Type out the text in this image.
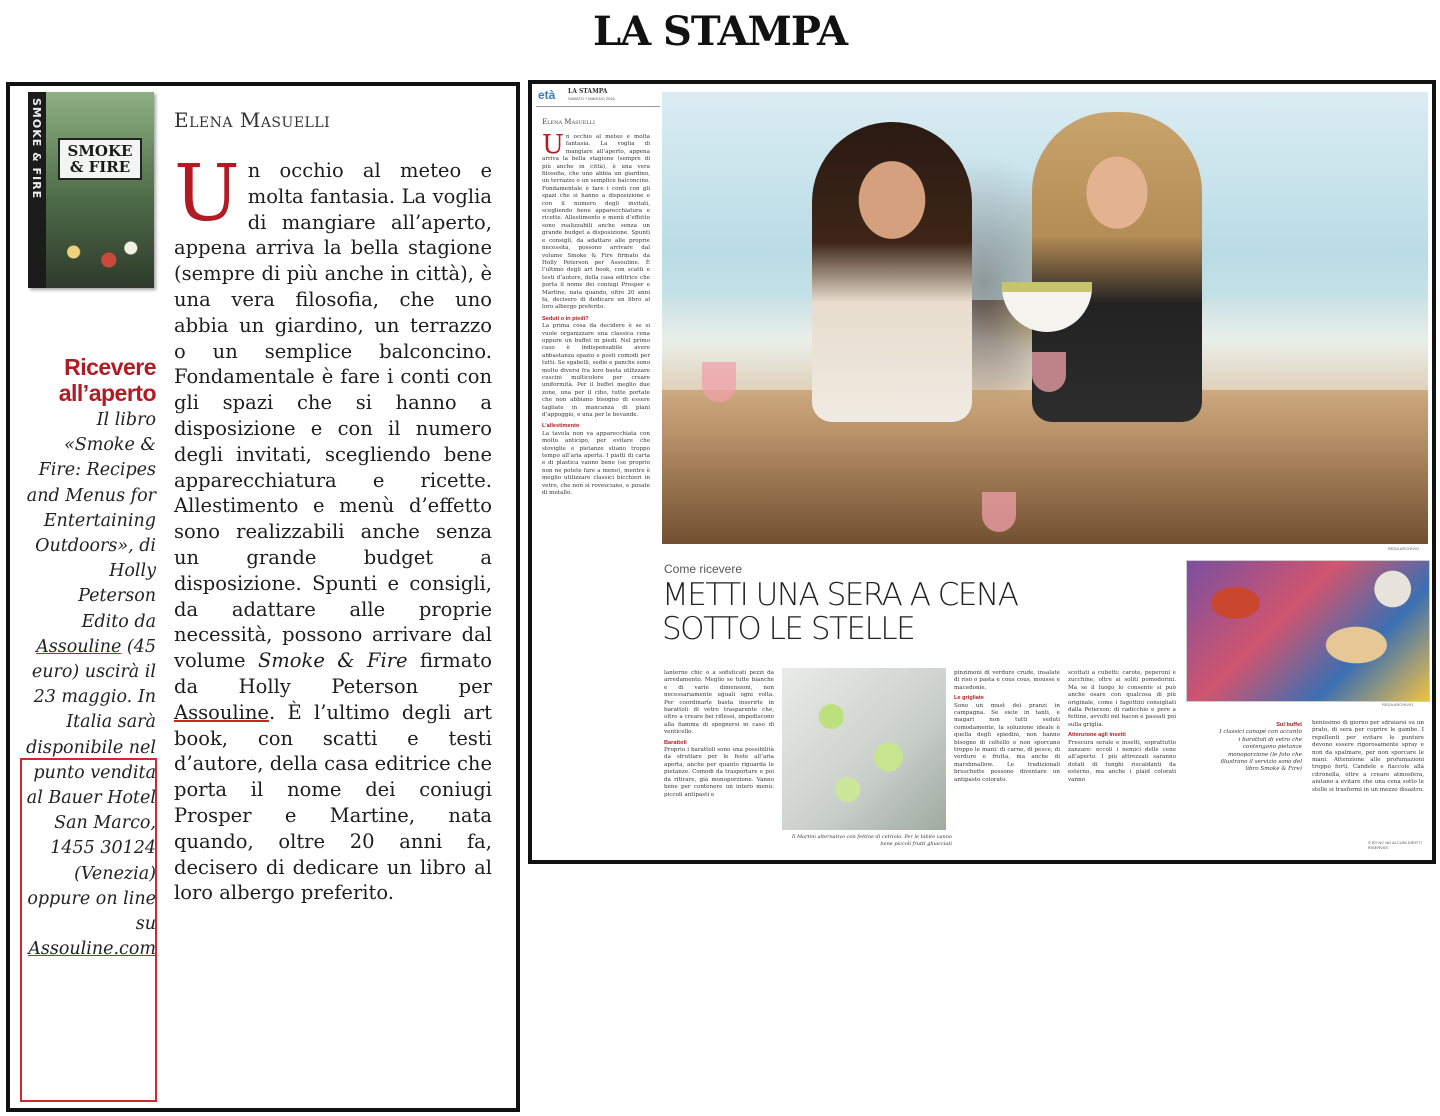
LA STAMPA
SMOKE & FIRE	SMOKE & FIRE
Ricevere all’aperto
Il libro «Smoke & Fire: Recipes and Menus for Entertaining Outdoors», di Holly Peterson Edito da Assouline (45 euro) uscirà il 23 maggio. In Italia sarà disponibile nel punto vendita al Bauer Hotel San Marco, 1455 30124 (Venezia) oppure on line su Assouline.com
Elena Masuelli
Un occhio al meteo e molta fantasia. La voglia di mangiare all’aperto, appena arriva la bella stagione (sempre di più anche in città), è una vera filosofia, che uno abbia un giardino, un terrazzo o un semplice balconcino. Fondamentale è fare i conti con gli spazi che si hanno a disposizione e con il numero degli invitati, scegliendo bene apparecchiatura e ricette. Allestimento e menù d’effetto sono realizzabili anche senza un grande budget a disposizione. Spunti e consigli, da adattare alle proprie necessità, possono arrivare dal volume Smoke & Fire firmato da Holly Peterson per Assouline. È l’ultimo degli art book, con scatti e testi d’autore, della casa editrice che porta il nome dei coniugi Prosper e Martine, nata quando, oltre 20 anni fa, decisero di dedicare un libro al loro albergo preferito.
età LA STAMPA
SABATO 7 MAGGIO 2016
Elena Masuelli
Un occhio al meteo e molta fantasia. La voglia di mangiare all’aperto, appena arriva la bella stagione (sempre di più anche in città), è una vera filosofia, che uno abbia un giardino, un terrazzo o un semplice balconcino. Fondamentale è fare i conti con gli spazi che si hanno a disposizione e con il numero degli invitati, scegliendo bene apparecchiatura e ricette. Allestimento e menù d’effetto sono realizzabili anche senza un grande budget a disposizione. Spunti e consigli, da adattare alle proprie necessità, possono arrivare dal volume Smoke & Fire firmato da Holly Peterson per Assouline. È l’ultimo degli art book, con scatti e testi d’autore, della casa editrice che porta il nome dei coniugi Prosper e Martine, nata quando, oltre 20 anni fa, decisero di dedicare un libro al loro albergo preferito.
Seduti o in piedi?
La prima cosa da decidere è se si vuole organizzare una classica cena oppure un buffet in piedi. Nel primo caso è indispensabile avere abbastanza spazio e posti comodi per tutti. Se sgabelli, sedie e panche sono molto diversi fra loro basta utilizzare cuscini multicolore per creare uniformità. Per il buffet meglio due zone, una per il cibo, tutte portate che non abbiano bisogno di essere tagliate in mancanza di piani d’appoggio, e una per le bevande.
L’allestimento
La tavola non va apparecchiata con molto anticipo, per evitare che stoviglie e pietanze stiano troppo tempo all’aria aperta. I piatti di carta e di plastica vanno bene (se proprio non ne potete fare a meno), mentre è meglio utilizzare classici bicchieri in vetro, che non si rovesciano, e posate di metallo.
REDA ARCHIVIO
Come ricevere
METTI UNA SERA A CENA SOTTO LE STELLE
REDA ARCHIVIO
Il Martini alternativo con fettine di cetriolo. Per le bibite vanno bene piccoli frutti ghiacciati
lanterne chic o a sofisticati pezzi da arredamento. Meglio se tutte bianche e di varie dimensioni, non necessariamente uguali ogni volta. Per coordinarle basta inserirle in barattoli di vetro trasparente che, oltre a creare bei riflessi, impediscono alla fiamma di spegnersi in caso di venticello.
Barattoli
Proprio i barattoli sono una possibilità da sfruttare per le feste all’aria aperta, anche per quanto riguarda le pietanze. Comodi da trasportare e poi da ritirare, già monoporzione. Vanno bene per contenere un intero menù: piccoli antipasti e
pinzimoni di verdure crude, insalate di riso o pasta e cous cous, mousse e macedonie.
Le grigliate
Sono un must dei pranzi in campagna. Se siete in tanti, e magari non tutti seduti comodamente, la soluzione ideale è quella degli spiedini, non hanno bisogno di coltello e non sporcano troppo le mani: di carne, di pesce, di verdure e frutta, ma anche di marshmallow. Le tradizionali bruschette possono diventare un antipasto colorato.
scottati a cubetti: carote, peperoni e zucchine, oltre ai soliti pomodorini. Ma se il luogo lo consente si può anche osare con qualcosa di più originale, come i fagottini consigliati dalla Peterson: di radicchio e pere a fettine, avvolti nel bacon e passati poi sulla griglia.
Attenzione agli insetti
Frescura serale e insetti, soprattutto zanzare: eccoli i nemici delle cene all’aperto. I più attrezzati saranno dotati di funghi riscaldanti da esterno, ma anche i plaid colorati vanno
Sul buffet
I classici canapé con accanto i barattoli di vetro che contengono pietanze monoporzione (le foto che illustrano il servizio sono del libro Smoke & Fire)
benissimo di giorno per sdraiarsi su un prato, di sera per coprire le gambe. I repellenti per evitare le punture devono essere rigorosamente spray e non da spalmare, per non sporcare le mani. Attenzione alle profumazioni troppo forti. Candele e fiaccole alla citronella, oltre a creare atmosfera, aiutano a evitare che una cena sotto le stelle si trasformi in un mezzo disastro.
© BY NC ND ALCUNI DIRITTI RISERVATI
